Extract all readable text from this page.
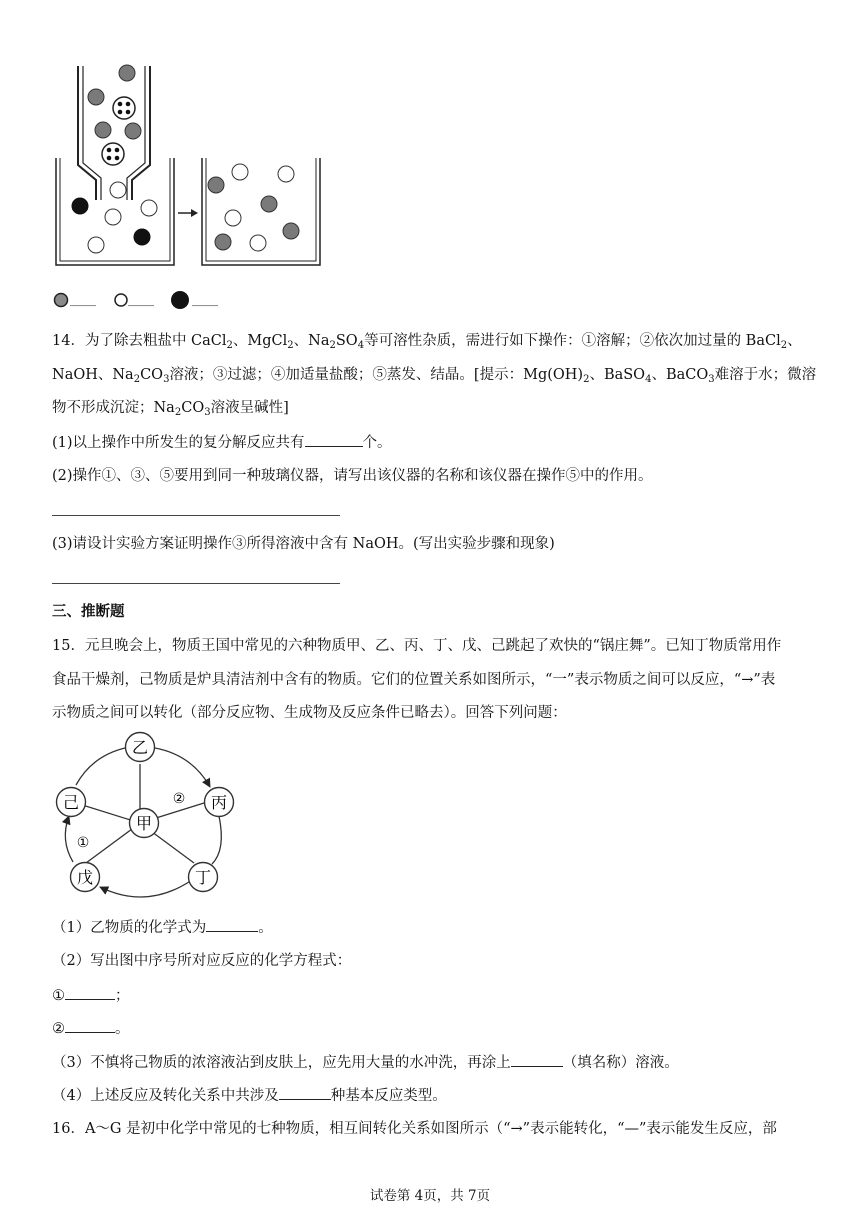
____ ____	____
14．为了除去粗盐中 CaCl$_2$、MgCl$_2$、$Na_2SO_4$等可溶性杂质，需进行如下操作：①溶解；②依次加过量的 BaCl$_2$、
NaOH、$Na_2CO_3$溶液；③过滤；④加适量盐酸；⑤蒸发、结晶。[提示：$Mg(OH)_2$、BaSO$_4$、BaCO$_3$难溶于水；微溶
物不形成沉淀；$Na_2CO_3$溶液呈碱性]
(1)以上操作中所发生的复分解反应共有	个。
(2)操作①、③、⑤要用到同一种玻璃仪器，请写出该仪器的名称和该仪器在操作⑤中的作用。
(3)请设计实验方案证明操作③所得溶液中含有 NaOH。(写出实验步骤和现象)
三、推断题
15．元旦晚会上，物质王国中常见的六种物质甲、乙、丙、丁、戊、己跳起了欢快的“锅庄舞”。已知丁物质常用作
食品干燥剂，己物质是炉具清洁剂中含有的物质。它们的位置关系如图所示，“一”表示物质之间可以反应，“→”表
示物质之间可以转化（部分反应物、生成物及反应条件已略去）。回答下列问题：
乙
丙
丁
戊
己
甲
①
②
（1）乙物质的化学式为	。
（2）写出图中序号所对应反应的化学方程式：
①	；
②	。
（3）不慎将己物质的浓溶液沾到皮肤上，应先用大量的水冲洗，再涂上	（填名称）溶液。
（4）上述反应及转化关系中共涉及	种基本反应类型。
16．A～G 是初中化学中常见的七种物质，相互间转化关系如图所示（“→”表示能转化，“—”表示能发生反应，部
试卷第 4页，共 7页
